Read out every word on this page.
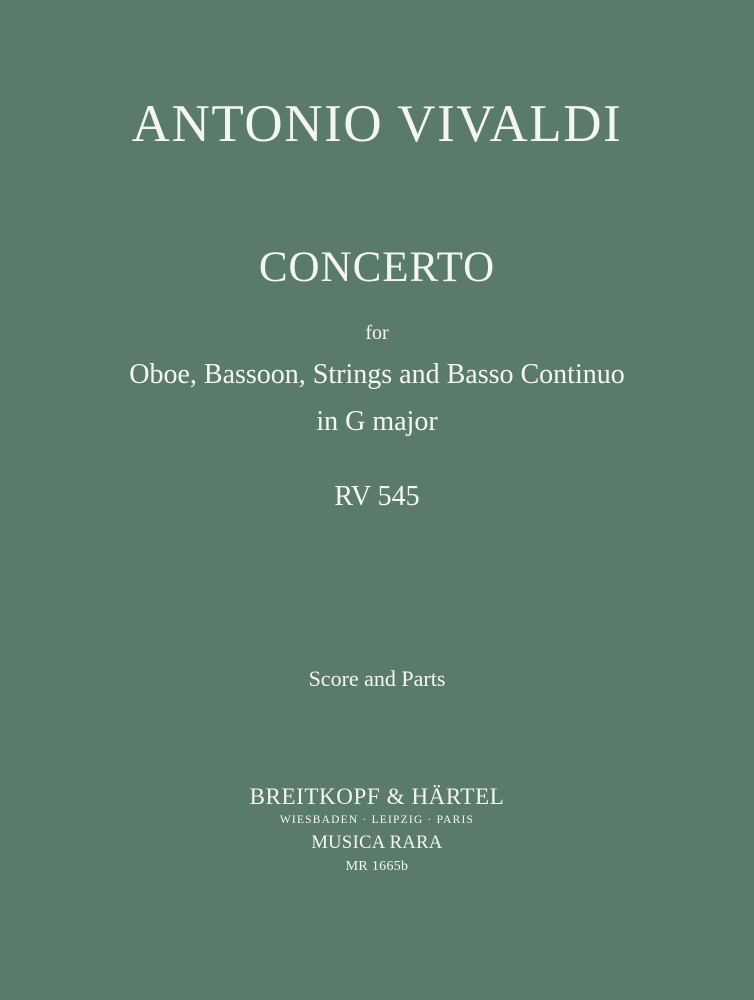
ANTONIO VIVALDI
CONCERTO
for
Oboe, Bassoon, Strings and Basso Continuo
in G major
RV 545
Score and Parts
BREITKOPF & HÄRTEL
WIESBADEN · LEIPZIG · PARIS
MUSICA RARA
MR 1665b
